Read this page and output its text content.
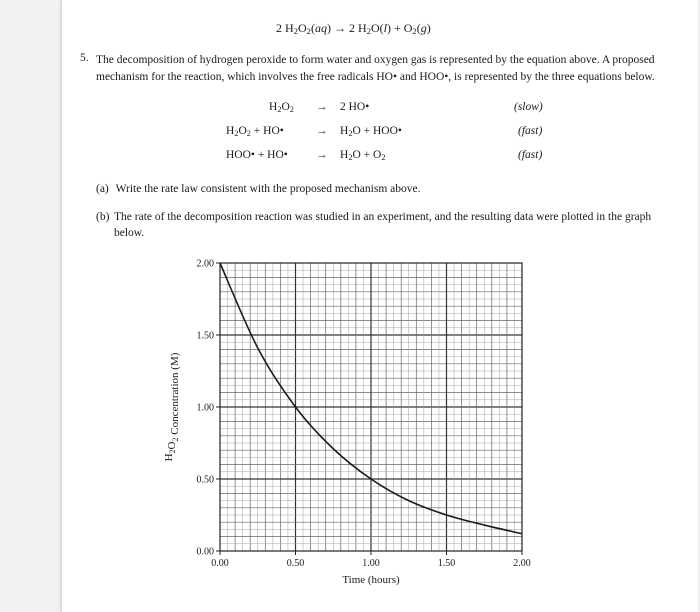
2 $H_2O_2(aq) \to 2$ $H_2O(l) + O_2(g)$
5. The decomposition of hydrogen peroxide to form water and oxygen gas is represented by the equation above. A proposed mechanism for the reaction, which involves the free radicals HO• and HOO•, is represented by the three equations below.
$H_2O_2 \to 2$ HO•	(slow)
$H_2O_2$ + HO•	→ $H_2O$ + HOO•	(fast)
HOO• + HO• → $H_2O + O_2$	(fast)
(a) Write the rate law consistent with the proposed mechanism above.
(b) The rate of the decomposition reaction was studied in an experiment, and the resulting data were plotted in the graph below.
0.00
0.50
1.00
1.50
2.00
0.00	0.50	1.00	1.50	2.00
Time (hours)
$H_2O_2$ Concentration (M)
